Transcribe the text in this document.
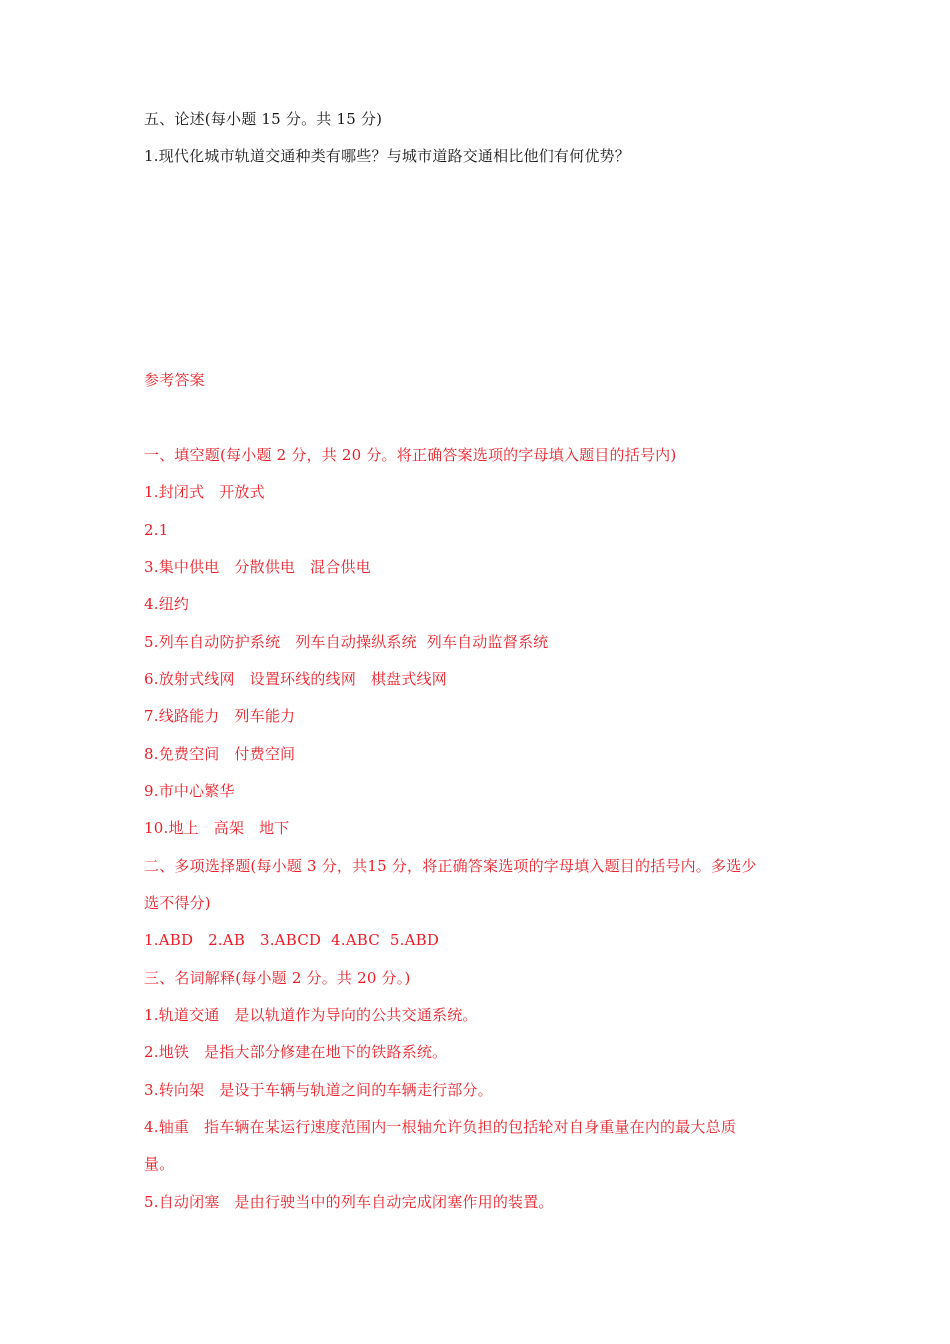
五、论述(每小题 15 分。共 15 分)
1.现代化城市轨道交通种类有哪些？与城市道路交通相比他们有何优势？
参考答案
一、填空题(每小题 2 分，共 20 分。将正确答案选项的字母填入题目的括号内)
1.封闭式   开放式
2.1
3.集中供电   分散供电   混合供电
4.纽约
5.列车自动防护系统   列车自动操纵系统  列车自动监督系统
6.放射式线网   设置环线的线网   棋盘式线网
7.线路能力   列车能力
8.免费空间   付费空间
9.市中心繁华
10.地上   高架   地下
二、多项选择题(每小题 3 分，共15 分，将正确答案选项的字母填入题目的括号内。多选少
选不得分)
1.ABD   2.AB   3.ABCD  4.ABC  5.ABD
三、名词解释(每小题 2 分。共 20 分。)
1.轨道交通   是以轨道作为导向的公共交通系统。
2.地铁   是指大部分修建在地下的铁路系统。
3.转向架   是设于车辆与轨道之间的车辆走行部分。
4.轴重   指车辆在某运行速度范围内一根轴允许负担的包括轮对自身重量在内的最大总质
量。
5.自动闭塞   是由行驶当中的列车自动完成闭塞作用的装置。
